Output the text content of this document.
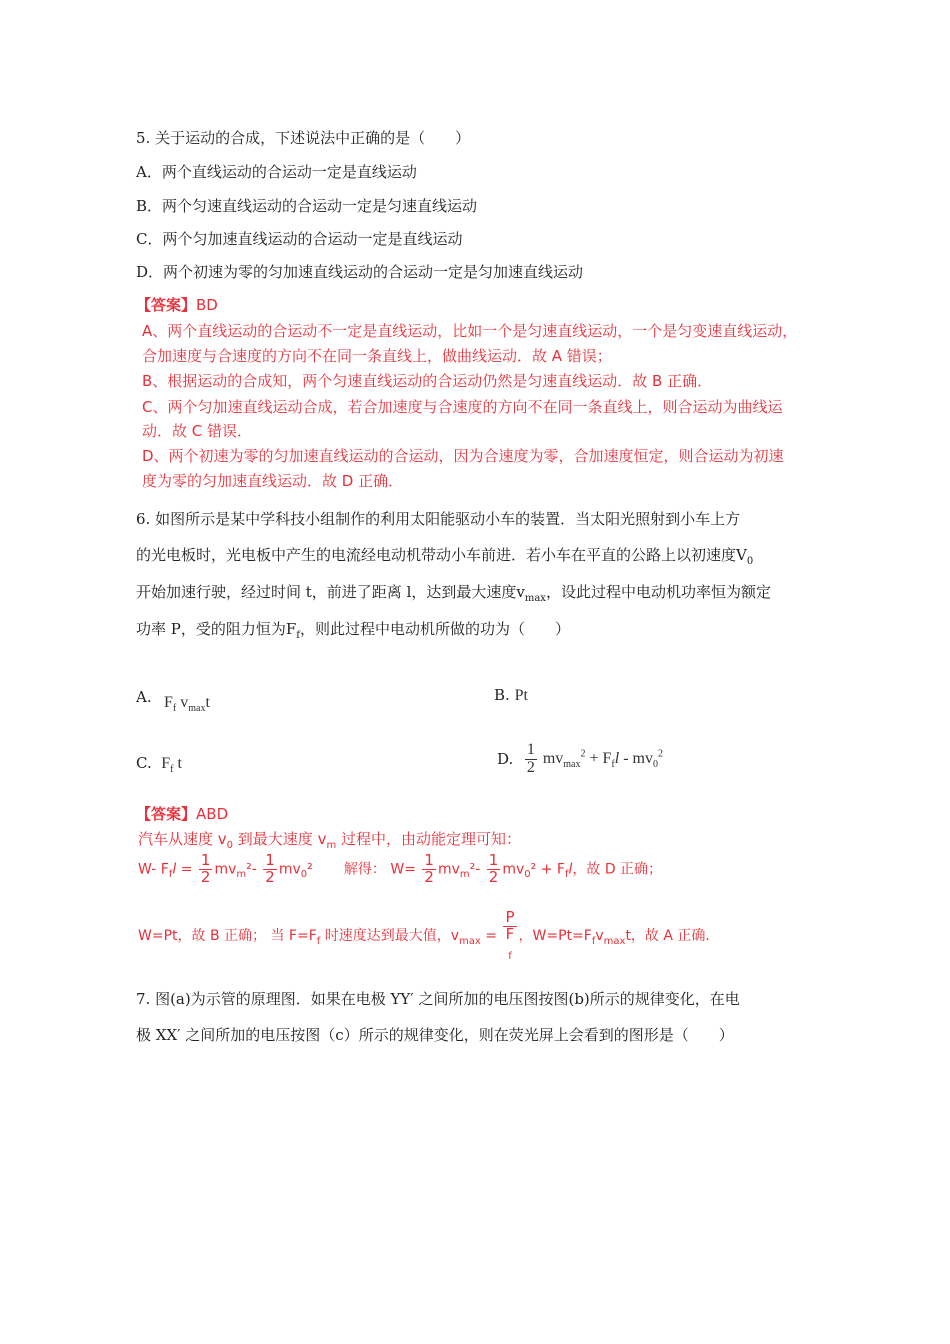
5. 关于运动的合成，下述说法中正确的是（　　）
A．两个直线运动的合运动一定是直线运动
B．两个匀速直线运动的合运动一定是匀速直线运动
C．两个匀加速直线运动的合运动一定是直线运动
D．两个初速为零的匀加速直线运动的合运动一定是匀加速直线运动
【答案】BD
A、两个直线运动的合运动不一定是直线运动，比如一个是匀速直线运动，一个是匀变速直线运动，
合加速度与合速度的方向不在同一条直线上，做曲线运动．故 A 错误；
B、根据运动的合成知，两个匀速直线运动的合运动仍然是匀速直线运动．故 B 正确．
C、两个匀加速直线运动合成，若合加速度与合速度的方向不在同一条直线上，则合运动为曲线运
动．故 C 错误．
D、两个初速为零的匀加速直线运动的合运动，因为合速度为零，合加速度恒定，则合运动为初速
度为零的匀加速直线运动．故 D 正确．
6. 如图所示是某中学科技小组制作的利用太阳能驱动小车的装置．当太阳光照射到小车上方
的光电板时，光电板中产生的电流经电动机带动小车前进．若小车在平直的公路上以初速度$V_0$
开始加速行驶，经过时间 t，前进了距离 l，达到最大速度$v_{max}$，设此过程中电动机功率恒为额定
功率 P，受的阻力恒为$F_f$，则此过程中电动机所做的功为（　　）
A. $F_f$ $v_{max}t$	B. Pt
C. $F_f$ t	D. $\frac{1}{2} mv_{max}^2 + F_fl - mv_0^2$
【答案】ABD
汽车从速度 $v_0$ 到最大速度 $v_m$ 过程中，由动能定理可知：
W- $F_fl = \frac{1}{2} mv_m^2- \frac{1}{2} mv_0^2$ 解得： $W= \frac{1}{2} mv_m^2- \frac{1}{2} mv_0^2 + F_fl$，故 D 正确；
W=Pt，故 B 正确； 当 $F=F_f$ 时速度达到最大值，$v_{max} = P$
F
$_f$ ，$W=Pt=F_fv_{max}t$，故 A 正确．
7. 图(a)为示管的原理图．如果在电极 YY′ 之间所加的电压图按图(b)所示的规律变化，在电
极 XX′ 之间所加的电压按图（c）所示的规律变化，则在荧光屏上会看到的图形是（　　）
